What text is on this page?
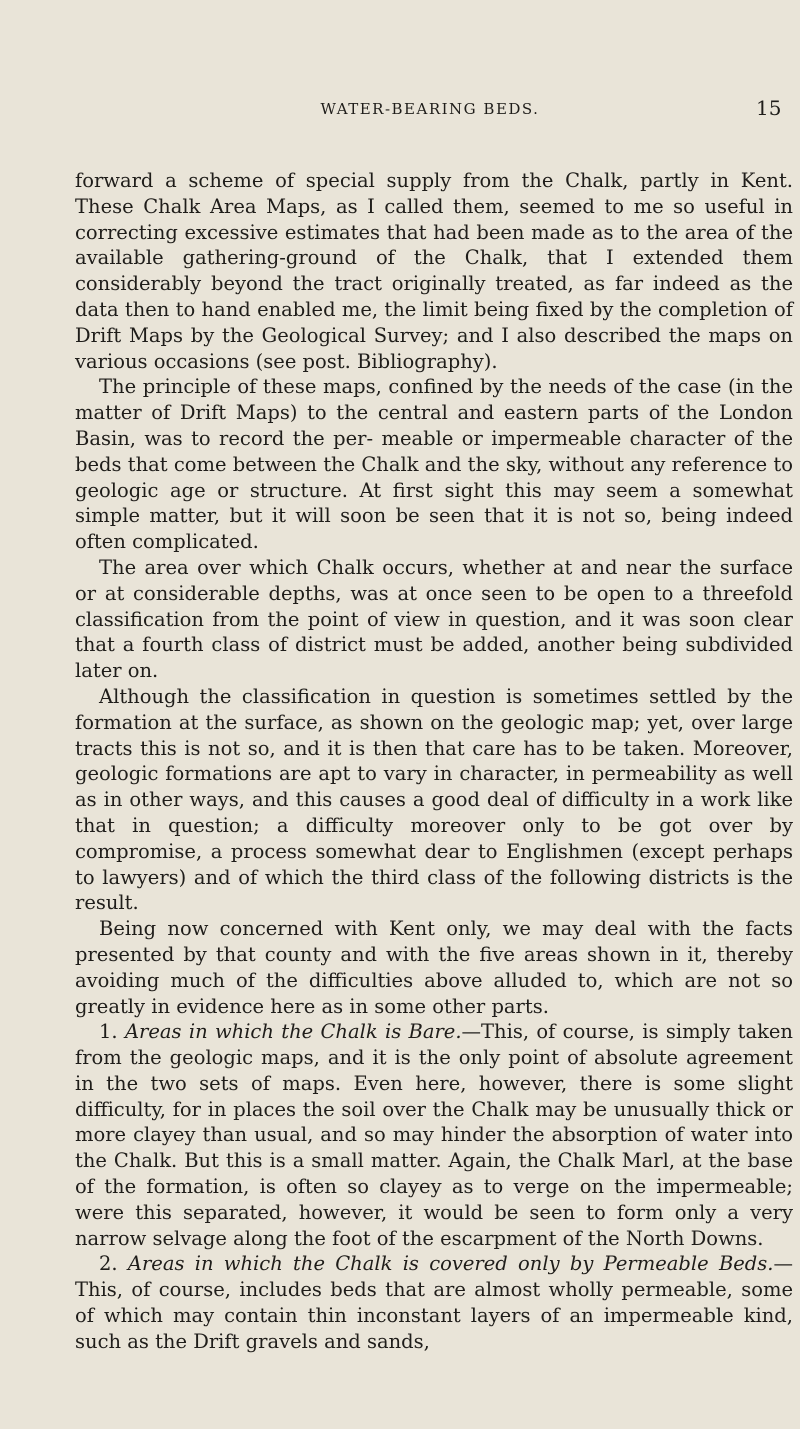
WATER-BEARING BEDS.	15

forward a scheme of special supply from the Chalk, partly in Kent. These Chalk Area Maps, as I called them, seemed to me so useful in correcting excessive estimates that had been made as to the area of the available gathering-ground of the Chalk, that I extended them considerably beyond the tract originally treated, as far indeed as the data then to hand enabled me, the limit being fixed by the completion of Drift Maps by the Geological Survey; and I also described the maps on various occasions (see post. Bibliography).

The principle of these maps, confined by the needs of the case (in the matter of Drift Maps) to the central and eastern parts of the London Basin, was to record the per- meable or impermeable character of the beds that come between the Chalk and the sky, without any reference to geologic age or structure. At first sight this may seem a somewhat simple matter, but it will soon be seen that it is not so, being indeed often complicated.

The area over which Chalk occurs, whether at and near the surface or at considerable depths, was at once seen to be open to a threefold classification from the point of view in question, and it was soon clear that a fourth class of district must be added, another being subdivided later on.

Although the classification in question is sometimes settled by the formation at the surface, as shown on the geologic map; yet, over large tracts this is not so, and it is then that care has to be taken. Moreover, geologic formations are apt to vary in character, in permeability as well as in other ways, and this causes a good deal of difficulty in a work like that in question; a difficulty moreover only to be got over by compromise, a process somewhat dear to Englishmen (except perhaps to lawyers) and of which the third class of the following districts is the result.

Being now concerned with Kent only, we may deal with the facts presented by that county and with the five areas shown in it, thereby avoiding much of the difficulties above alluded to, which are not so greatly in evidence here as in some other parts.

1. Areas in which the Chalk is Bare.—This, of course, is simply taken from the geologic maps, and it is the only point of absolute agreement in the two sets of maps. Even here, however, there is some slight difficulty, for in places the soil over the Chalk may be unusually thick or more clayey than usual, and so may hinder the absorption of water into the Chalk. But this is a small matter. Again, the Chalk Marl, at the base of the formation, is often so clayey as to verge on the impermeable; were this separated, however, it would be seen to form only a very narrow selvage along the foot of the escarpment of the North Downs.

2. Areas in which the Chalk is covered only by Permeable Beds.—This, of course, includes beds that are almost wholly permeable, some of which may contain thin inconstant layers of an impermeable kind, such as the Drift gravels and sands,
